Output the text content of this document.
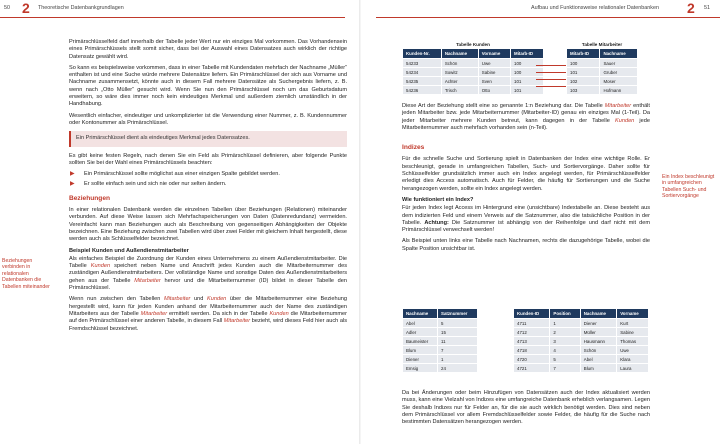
50 2 Theoretische Datenbankgrundlagen	Aufbau und Funktionsweise relationaler Datenbanken 2 51
Beziehungen verbinden in relationalen Datenbanken die Tabellen miteinander

Primärschlüsselfeld darf innerhalb der Tabelle jeder Wert nur ein einziges Mal vorkommen. Das Vorhandensein eines Primärschlüssels stellt somit sicher, dass bei der Auswahl eines Datensatzes auch wirklich der richtige Datensatz gewählt wird.

So kann es beispielsweise vorkommen, dass in einer Tabelle mit Kundendaten mehrfach der Nachname „Müller“ enthalten ist und eine Suche würde mehrere Datensätze liefern. Ein Primärschlüssel der sich aus Vorname und Nachname zusammensetzt, könnte auch in diesem Fall mehrere Datensätze als Suchergebnis liefern, z. B. wenn nach „Otto Müller“ gesucht wird. Wenn Sie nun den Primärschlüssel noch um das Geburtsdatum erweitern, so wäre dies immer noch kein eindeutiges Merkmal und außerdem ziemlich umständlich in der Handhabung.

Wesentlich einfacher, eindeutiger und unkomplizierter ist die Verwendung einer Nummer, z. B. Kundennummer oder Kontonummer als Primärschlüssel.

Ein Primärschlüssel dient als eindeutiges Merkmal jedes Datensatzes.

Es gibt keine festen Regeln, nach denen Sie ein Feld als Primärschlüssel definieren, aber folgende Punkte sollten Sie bei der Wahl eines Primärschlüssels beachten:

▶ Ein Primärschlüssel sollte möglichst aus einer einzigen Spalte gebildet werden.
▶ Er sollte einfach sein und sich nie oder nur selten ändern.
Beziehungen

In einer relationalen Datenbank werden die einzelnen Tabellen über Beziehungen (Relationen) miteinander verbunden. Auf diese Weise lassen sich Mehrfachspeicherungen von Daten (Datenredundanz) vermeiden. Vereinfacht kann man Beziehungen auch als Beschreibung von gegenseitigen Abhängigkeiten der Objekte bezeichnen. Eine Beziehung zwischen zwei Tabellen wird über zwei Felder mit gleichem Inhalt hergestellt, diese werden auch als Schlüsselfelder bezeichnet.

Beispiel Kunden und Außendienstmitarbeiter

Als einfaches Beispiel die Zuordnung der Kunden eines Unternehmens zu einem Außendienstmitarbeiter. Die Tabelle Kunden speichert neben Name und Anschrift jedes Kunden auch die Mitarbeiternummer des zuständigen Außendienstmitarbeiters. Der vollständige Name und sonstige Daten des Außendienstmitarbeiters gehen aus der Tabelle Mitarbeiter hervor und die Mitarbeiternummer (ID) bildet in dieser Tabelle den Primärschlüssel.

Wenn nun zwischen den Tabellen Mitarbeiter und Kunden über die Mitarbeiternummer eine Beziehung hergestellt wird, kann für jeden Kunden anhand der Mitarbeiternummer auch der Name des zuständigen Mitarbeiters aus der Tabelle Mitarbeiter ermittelt werden. Da sich in der Tabelle Kunden die Mitarbeiternummer auf den Primärschlüssel einer anderen Tabelle, in diesem Fall Mitarbeiter bezieht, wird dieses Feld hier auch als Fremdschlüssel bezeichnet.

Tabelle Kunden
Kunden-Nr.	Nachname	Vorname	Mitarb-ID
54233	Schön	Uwe	100
54234	Sowitz	Sabine	100
54235	Achter	Sven	101
54236	Trisch	Otto	101
Tabelle Mitarbeiter
Mitarb-ID	Nachname
100	Sauer
101	Gruber
102	Moser
103	Hofmann
Ein Index beschleunigt in umfangreichen Tabellen Such- und Sortiervorgänge

Diese Art der Beziehung stellt eine so genannte 1:n Beziehung dar. Die Tabelle Mitarbeiter enthält jeden Mitarbeiter bzw. jede Mitarbeiternummer (Mitarbeiter-ID) genau ein einziges Mal (1-Teil). Da jeder Mitarbeiter mehrere Kunden betreut, kann dagegen in der Tabelle Kunden jede Mitarbeiternummer auch mehrfach vorhanden sein (n-Teil).

Indizes

Für die schnelle Suche und Sortierung spielt in Datenbanken der Index eine wichtige Rolle. Er beschleunigt, gerade in umfangreichen Tabellen, Such- und Sortiervorgänge. Daher sollte für Schlüsselfelder grundsätzlich immer auch ein Index angelegt werden, für Primärschlüsselfelder erledigt dies Access automatisch. Auch für Felder, die häufig für Sortierungen und die Suche herangezogen werden, sollte ein Index angelegt werden.

Wie funktioniert ein Index?

Für jeden Index legt Access im Hintergrund eine (unsichtbare) Indextabelle an. Diese besteht aus dem indizierten Feld und einem Verweis auf die Satznummer, also die tatsächliche Position in der Tabelle. Achtung: Die Satznummer ist abhängig von der Reihenfolge und darf nicht mit dem Primärschlüssel verwechselt werden!

Als Beispiel unten links eine Tabelle nach Nachnamen, rechts die dazugehörige Tabelle, wobei die Spalte Position unsichtbar ist.

Nachname	Satznummer
Abel	5
Adler	15
Baumeister	11
Blum	7
Diener	1
Emsig	24
Kunden-ID	Position	Nachname	Vorname
4711	1	Diener	Kurt
4712	2	Müller	Sabine
4713	3	Hausmann	Thomas
4718	4	Schön	Uwe
4720	5	Abel	Klara
4721	7	Blum	Laura

Da bei Änderungen oder beim Hinzufügen von Datensätzen auch der Index aktualisiert werden muss, kann eine Vielzahl von Indizes eine umfangreiche Datenbank erheblich verlangsamen. Legen Sie deshalb Indizes nur für Felder an, für die sie auch wirklich benötigt werden. Dies sind neben dem Primärschlüssel vor allem Fremdschlüsselfelder sowie Felder, die häufig für die Suche nach bestimmten Datensätzen herangezogen werden.
